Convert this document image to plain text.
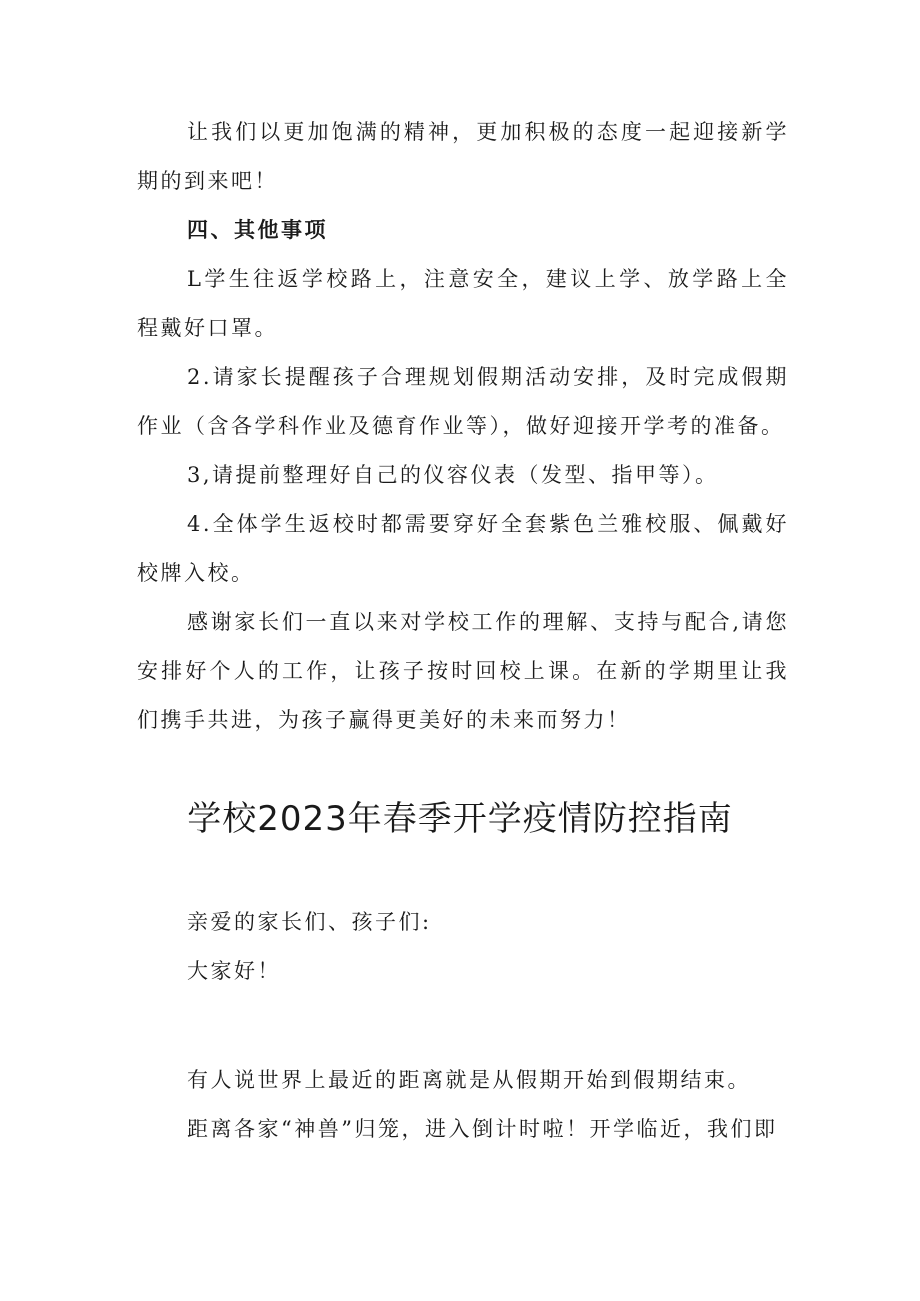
让我们以更加饱满的精神，更加积极的态度一起迎接新学期的到来吧！

四、其他事项

L学生往返学校路上，注意安全，建议上学、放学路上全程戴好口罩。

2.请家长提醒孩子合理规划假期活动安排，及时完成假期作业（含各学科作业及德育作业等），做好迎接开学考的准备。

3,请提前整理好自己的仪容仪表（发型、指甲等）。

4.全体学生返校时都需要穿好全套紫色兰雅校服、佩戴好校牌入校。

感谢家长们一直以来对学校工作的理解、支持与配合,请您安排好个人的工作，让孩子按时回校上课。在新的学期里让我们携手共进，为孩子赢得更美好的未来而努力！

学校2023年春季开学疫情防控指南

亲爱的家长们、孩子们:

大家好！

有人说世界上最近的距离就是从假期开始到假期结束。

距离各家“神兽”归笼，进入倒计时啦！开学临近，我们即
